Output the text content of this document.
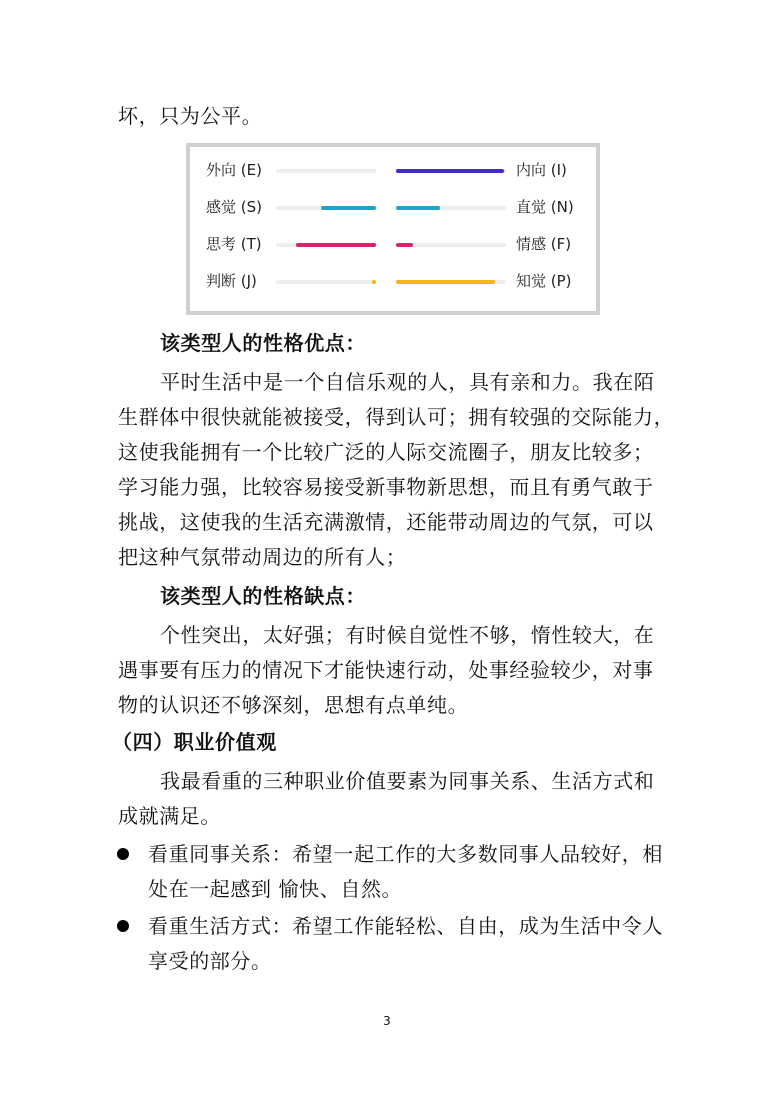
坏，只为公平。
外向 (E)	内向 (I)
感觉 (S)	直觉 (N)
思考 (T)	情感 (F)
判断 (J)	知觉 (P)
该类型人的性格优点：
平时生活中是一个自信乐观的人，具有亲和力。我在陌
生群体中很快就能被接受，得到认可；拥有较强的交际能力，
这使我能拥有一个比较广泛的人际交流圈子，朋友比较多；
学习能力强，比较容易接受新事物新思想，而且有勇气敢于
挑战，这使我的生活充满激情，还能带动周边的气氛，可以
把这种气氛带动周边的所有人；
该类型人的性格缺点：
个性突出，太好强；有时候自觉性不够，惰性较大，在
遇事要有压力的情况下才能快速行动，处事经验较少，对事
物的认识还不够深刻，思想有点单纯。
（四）职业价值观
我最看重的三种职业价值要素为同事关系、生活方式和
成就满足。
看重同事关系：希望一起工作的大多数同事人品较好，相
处在一起感到 愉快、自然。
看重生活方式：希望工作能轻松、自由，成为生活中令人
享受的部分。
3
